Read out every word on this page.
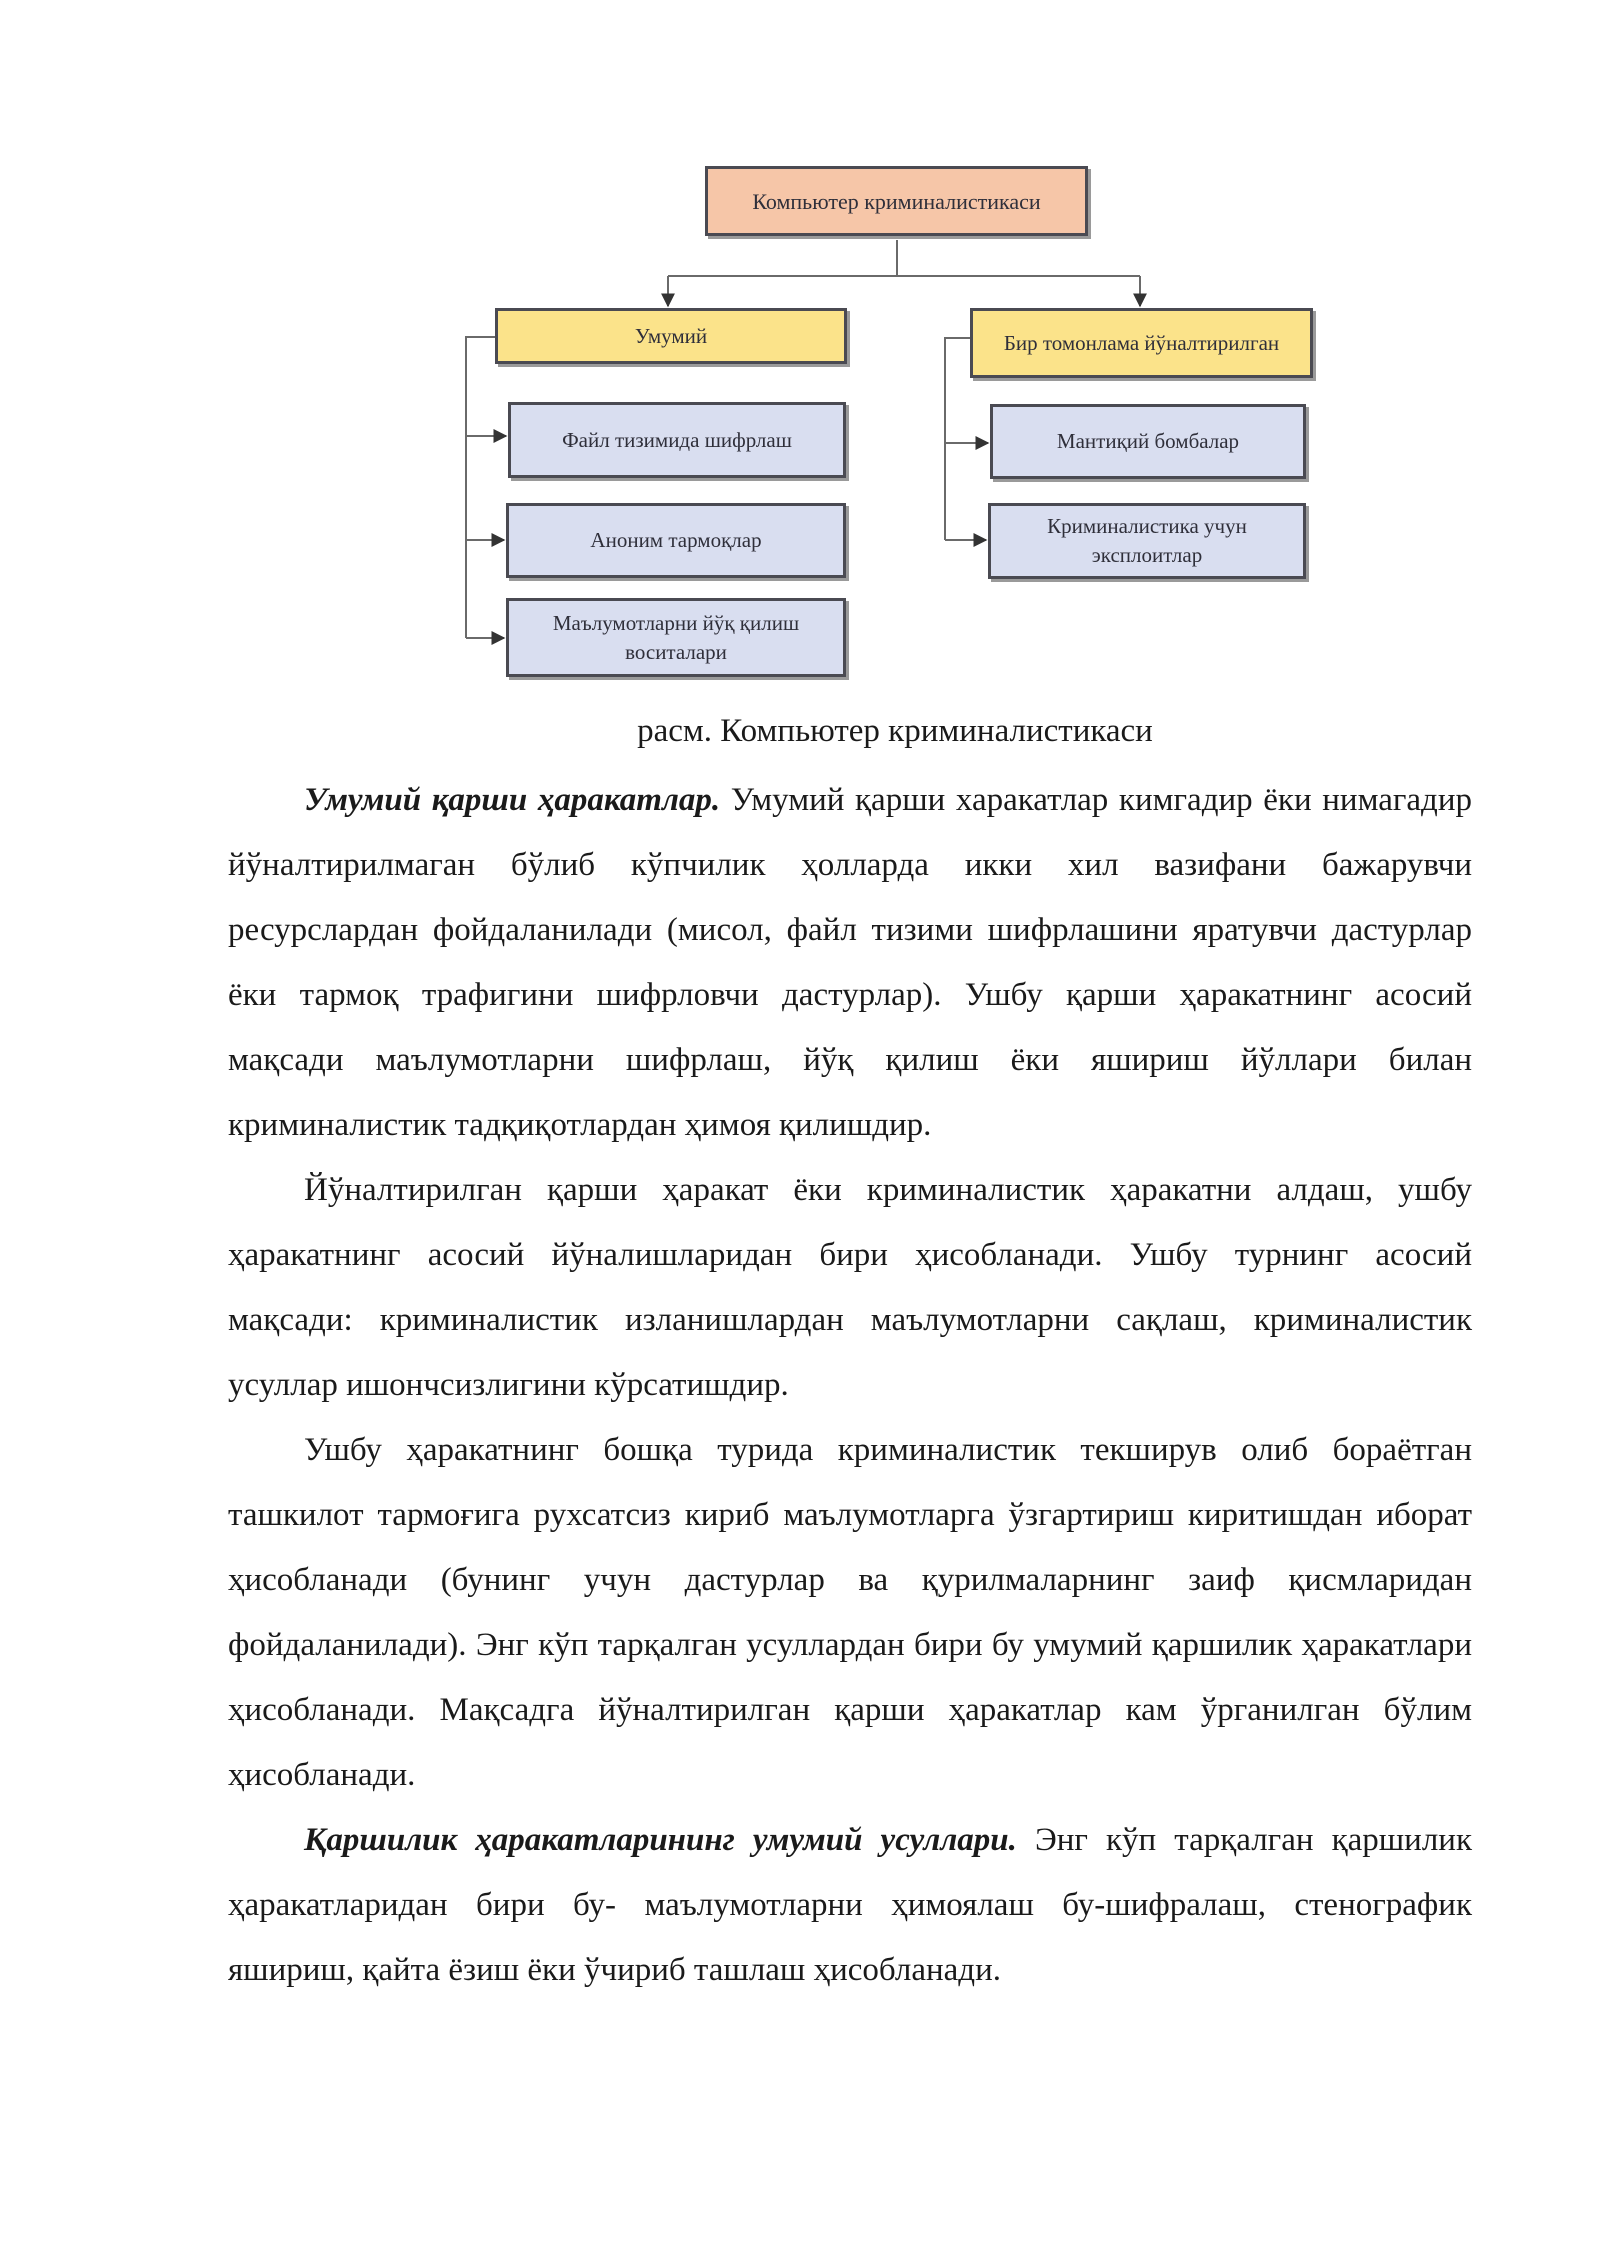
Компьютер криминалистикаси
Умумий	Бир томонлама йўналтирилган
Файл тизимида шифрлаш
Аноним тармоқлар
Маълумотларни йўқ қилиш воситалари
Мантиқий бомбалар
Криминалистика учун эксплоитлар
расм. Компьютер криминалистикаси

Умумий қарши ҳаракатлар. Умумий қарши харакатлар кимгадир ёки нимагадир йўналтирилмаган бўлиб кўпчилик ҳолларда икки хил вазифани бажарувчи ресурслардан фойдаланилади (мисол, файл тизими шифрлашини яратувчи дастурлар ёки тармоқ трафигини шифрловчи дастурлар). Ушбу қарши ҳаракатнинг асосий мақсади маълумотларни шифрлаш, йўқ қилиш ёки яшириш йўллари билан криминалистик тадқиқотлардан ҳимоя қилишдир.

Йўналтирилган қарши ҳаракат ёки криминалистик ҳаракатни алдаш, ушбу ҳаракатнинг асосий йўналишларидан бири ҳисобланади. Ушбу турнинг асосий мақсади: криминалистик изланишлардан маълумотларни сақлаш, криминалистик усуллар ишончсизлигини кўрсатишдир.

Ушбу ҳаракатнинг бошқа турида криминалистик текширув олиб бораётган ташкилот тармоғига рухсатсиз кириб маълумотларга ўзгартириш киритишдан иборат ҳисобланади (бунинг учун дастурлар ва қурилмаларнинг заиф қисмларидан фойдаланилади). Энг кўп тарқалган усуллардан бири бу умумий қаршилик ҳаракатлари ҳисобланади. Мақсадга йўналтирилган қарши ҳаракатлар кам ўрганилган бўлим ҳисобланади.

Қаршилик ҳаракатларининг умумий усуллари. Энг кўп тарқалган қаршилик ҳаракатларидан бири бу- маълумотларни ҳимоялаш бу-шифралаш, стенографик яшириш, қайта ёзиш ёки ўчириб ташлаш ҳисобланади.
